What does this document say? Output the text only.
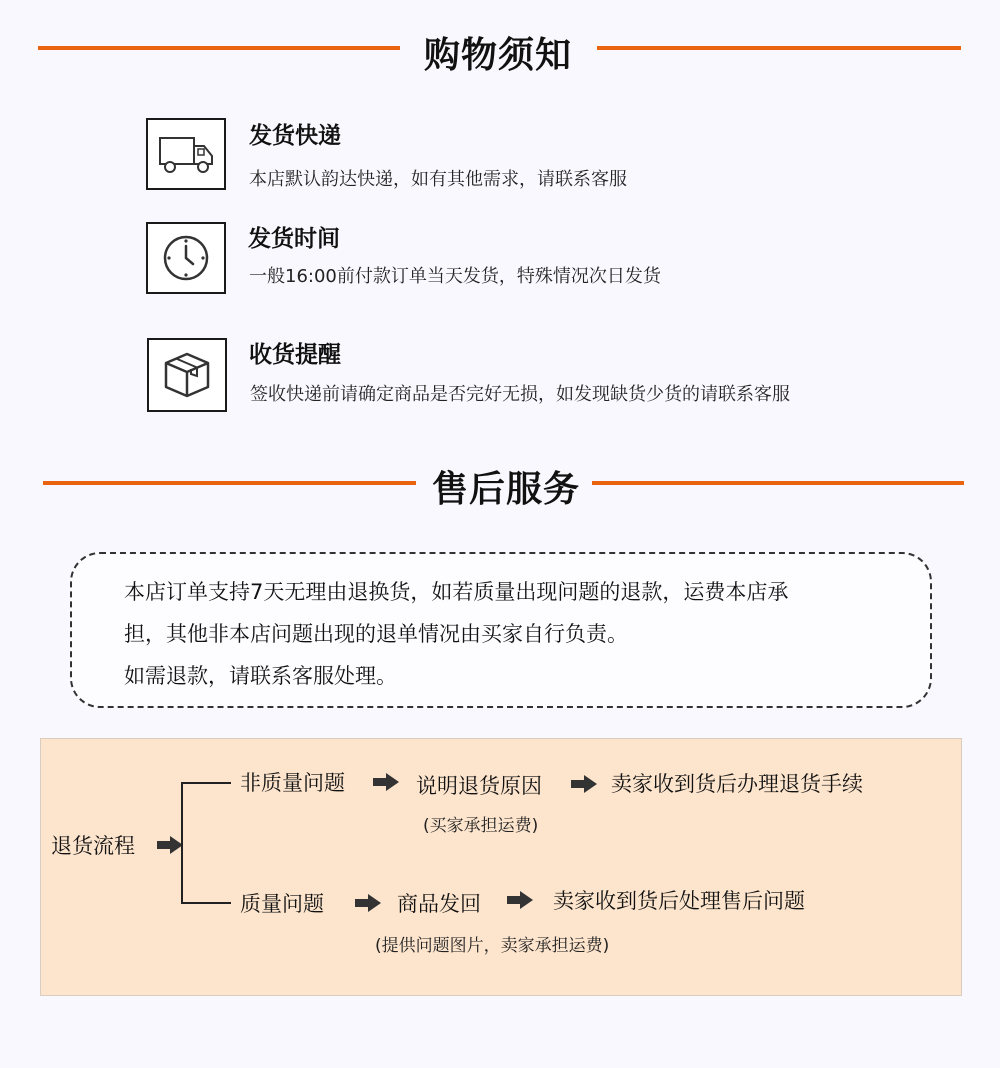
购物须知
发货快递
本店默认韵达快递，如有其他需求，请联系客服
发货时间
一般16:00前付款订单当天发货，特殊情况次日发货
收货提醒
签收快递前请确定商品是否完好无损，如发现缺货少货的请联系客服
售后服务
本店订单支持7天无理由退换货，如若质量出现问题的退款，运费本店承
担，其他非本店问题出现的退单情况由买家自行负责。
如需退款，请联系客服处理。
退货流程
非质量问题	说明退货原因	卖家收到货后办理退货手续
(买家承担运费)
质量问题	商品发回	卖家收到货后处理售后问题
(提供问题图片，卖家承担运费)
